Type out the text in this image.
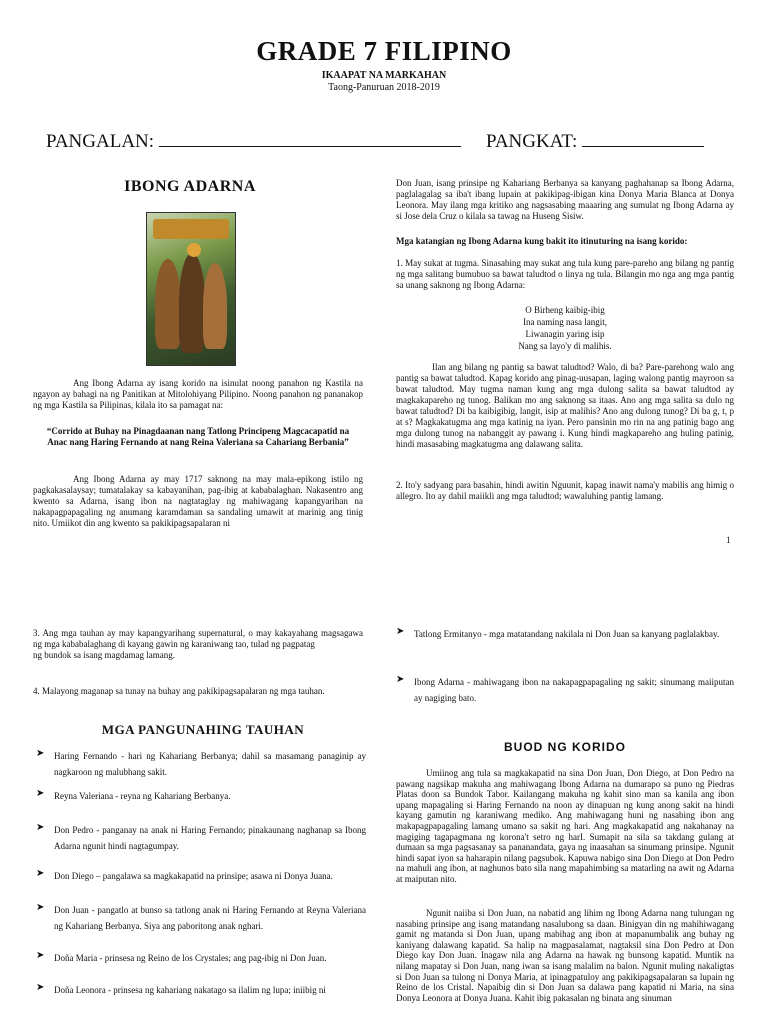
GRADE 7 FILIPINO
IKAAPAT NA MARKAHAN
Taong-Panuruan 2018-2019
PANGALAN:	PANGKAT:
IBONG ADARNA
Ang Ibong Adarna ay isang korido na isinulat noong panahon ng Kastila na ngayon ay bahagi na ng Panitikan at Mitolohiyang Pilipino. Noong panahon ng pananakop ng mga Kastila sa Pilipinas, kilala ito sa pamagat na:
“Corrido at Buhay na Pinagdaanan nang Tatlong Principeng Magcacapatid na Anac nang Haring Fernando at nang Reina Valeriana sa Cahariang Berbania”
Ang Ibong Adarna ay may 1717 saknong na may mala-epikong istilo ng pagkakasalaysay; tumatalakay sa kabayanihan, pag-ibig at kababalaghan. Nakasentro ang kwento sa Adarna, isang ibon na nagtataglay ng mahiwagang kapangyarihan na nakapagpapagaling ng anumang karamdaman sa sandaling umawit at marinig ang tinig nito. Umiikot din ang kwento sa pakikipagsapalaran ni
Don Juan, isang prinsipe ng Kahariang Berbanya sa kanyang paghahanap sa Ibong Adarna, paglalagalag sa iba't ibang lupain at pakikipag-ibigan kina Donya Maria Blanca at Donya Leonora. May ilang mga kritiko ang nagsasabing maaaring ang sumulat ng Ibong Adarna ay si Jose dela Cruz o kilala sa tawag na Huseng Sisiw.
Mga katangian ng Ibong Adarna kung bakit ito itinuturing na isang korido:
1. May sukat at tugma. Sinasabing may sukat ang tula kung pare-pareho ang bilang ng pantig ng mga salitang bumubuo sa bawat taludtod o linya ng tula. Bilangin mo nga ang mga pantig sa unang saknong ng Ibong Adarna:
O Birheng kaibig-ibig
Ina naming nasa langit,
Liwanagin yaring isip
Nang sa layo'y di malihis.
Ilan ang bilang ng pantig sa bawat taludtod? Walo, di ba? Pare-parehong walo ang pantig sa bawat taludtod. Kapag korido ang pinag-uusapan, laging walong pantig mayroon sa bawat taludtod. May tugma naman kung ang mga dulong salita sa bawat taludtod ay magkakapareho ng tunog. Balikan mo ang saknong sa itaas. Ano ang mga salita sa dulo ng bawat taludtod? Di ba kaibigibig, langit, isip at malihis? Ano ang dulong tunog? Di ba g, t, p at s? Magkakatugma ang mga katinig na iyan. Pero pansinin mo rin na ang patinig bago ang mga dulong tunog na nabanggit ay pawang i. Kung hindi magkapareho ang huling patinig, hindi masasabing magkatugma ang dalawang salita.
2. Ito'y sadyang para basahin, hindi awitin Nguunit, kapag inawit nama'y mabilis ang himig o allegro. Ito ay dahil maiikli ang mga taludtod; wawaluhing pantig lamang.
1
3. Ang mga tauhan ay may kapangyarihang supernatural, o may kakayahang magsagawa ng mga kababalaghang di kayang gawin ng karaniwang tao, tulad ng pagpatag
ng bundok sa isang magdamag lamang.
4. Malayong maganap sa tunay na buhay ang pakikipagsapalaran ng mga tauhan.
MGA PANGUNAHING TAUHAN
➤ Haring Fernando - hari ng Kahariang Berbanya; dahil sa masamang panaginip ay nagkaroon ng malubhang sakit.
➤ Reyna Valeriana - reyna ng Kahariang Berbanya.
➤ Don Pedro - panganay na anak ni Haring Fernando; pinakaunang naghanap sa Ibong Adarna ngunit hindi nagtagumpay.
➤ Don Diego – pangalawa sa magkakapatid na prinsipe; asawa ni Donya Juana.
➤ Don Juan - pangatlo at bunso sa tatlong anak ni Haring Fernando at Reyna Valeriana ng Kahariang Berbanya. Siya ang paboritong anak nghari.
➤ Doña Maria - prinsesa ng Reino de los Crystales; ang pag-ibig ni Don Juan.
➤ Doña Leonora - prinsesa ng kahariang nakatago sa ilalim ng lupa; iniibig ni
➤ Tatlong Ermitanyo - mga matatandang nakilala ni Don Juan sa kanyang paglalakbay.
➤ Ibong Adarna - mahiwagang ibon na nakapagpapagaling ng sakit; sinumang maiiputan ay nagiging bato.
BUOD NG KORIDO
Umiinog ang tula sa magkakapatid na sina Don Juan, Don Diego, at Don Pedro na pawang nagsikap makuha ang mahiwagang Ibong Adarna na dumarapo sa puno ng Piedras Platas doon sa Bundok Tabor. Kailangang makuha ng kahit sino man sa kanila ang ibon upang mapagaling si Haring Fernando na noon ay dinapuan ng kung anong sakit na hindi kayang gamutin ng karaniwang mediko. Ang mahiwagang huni ng nasabing ibon ang makapagpapagaling lamang umano sa sakit ng hari. Ang magkakapatid ang nakahanay na magiging tagapagmana ng korona't setro ng harI. Sumapit na sila sa takdang gulang at dumaan sa mga pagsasanay sa pananandata, gaya ng inaasahan sa sinumang prinsipe. Ngunit hindi sapat iyon sa haharapin nilang pagsubok. Kapuwa nabigo sina Don Diego at Don Pedro na mahuli ang ibon, at naghunos bato sila nang mapahimbing sa matarling na awit ng Adarna at maiputan nito.
Ngunit naiiba si Don Juan, na nabatid ang lihim ng Ibong Adarna nang tulungan ng nasabing prinsipe ang isang matandang nasalubong sa daan. Binigyan din ng mahihiwagang gamit ng matanda si Don Juan, upang mabihag ang ibon at mapanumbalik ang buhay ng kaniyang dalawang kapatid. Sa halip na magpasalamat, nagtaksil sina Don Pedro at Don Diego kay Don Juan. Inagaw nila ang Adarna na hawak ng bunsong kapatid. Muntik na nilang mapatay si Don Juan, nang iwan sa isang malalim na balon. Ngunit muling nakaligtas si Don Juan sa tulong ni Donya Maria, at ipinagpatuloy ang pakikipagsapalaran sa lupain ng Reino de los Cristal. Napaibig din si Don Juan sa dalawa pang kapatid ni Maria, na sina Donya Leonora at Donya Juana. Kahit ibig pakasalan ng binata ang sinuman
